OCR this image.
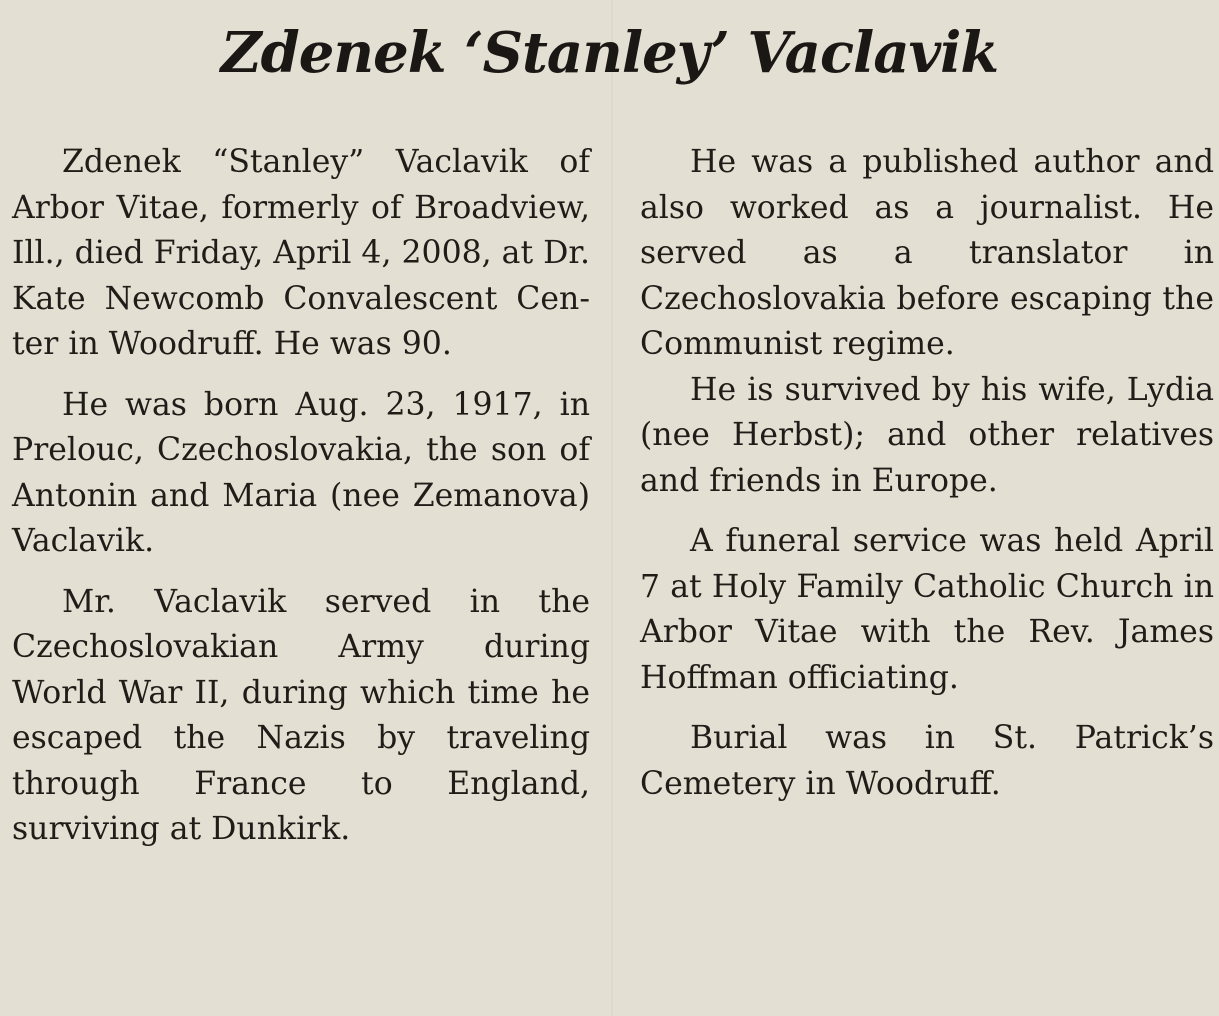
Zdenek ‘Stanley’ Vaclavik

Zdenek “Stanley” Vaclavik of Arbor Vitae, formerly of Broadview, Ill., died Friday, April 4, 2008, at Dr. Kate Newcomb Convalescent Center in Woodruff. He was 90.

He was born Aug. 23, 1917, in Prelouc, Czechoslovakia, the son of Antonin and Maria (nee Zemanova) Vaclavik.

Mr. Vaclavik served in the Czechoslovakian Army during World War II, during which time he escaped the Nazis by traveling through France to England, surviving at Dunkirk.

He was a published author and also worked as a journalist. He served as a translator in Czechoslovakia before escaping the Communist regime.

He is survived by his wife, Lydia (nee Herbst); and other relatives and friends in Europe.

A funeral service was held April 7 at Holy Family Catholic Church in Arbor Vitae with the Rev. James Hoffman officiating.

Burial was in St. Patrick’s Cemetery in Woodruff.
